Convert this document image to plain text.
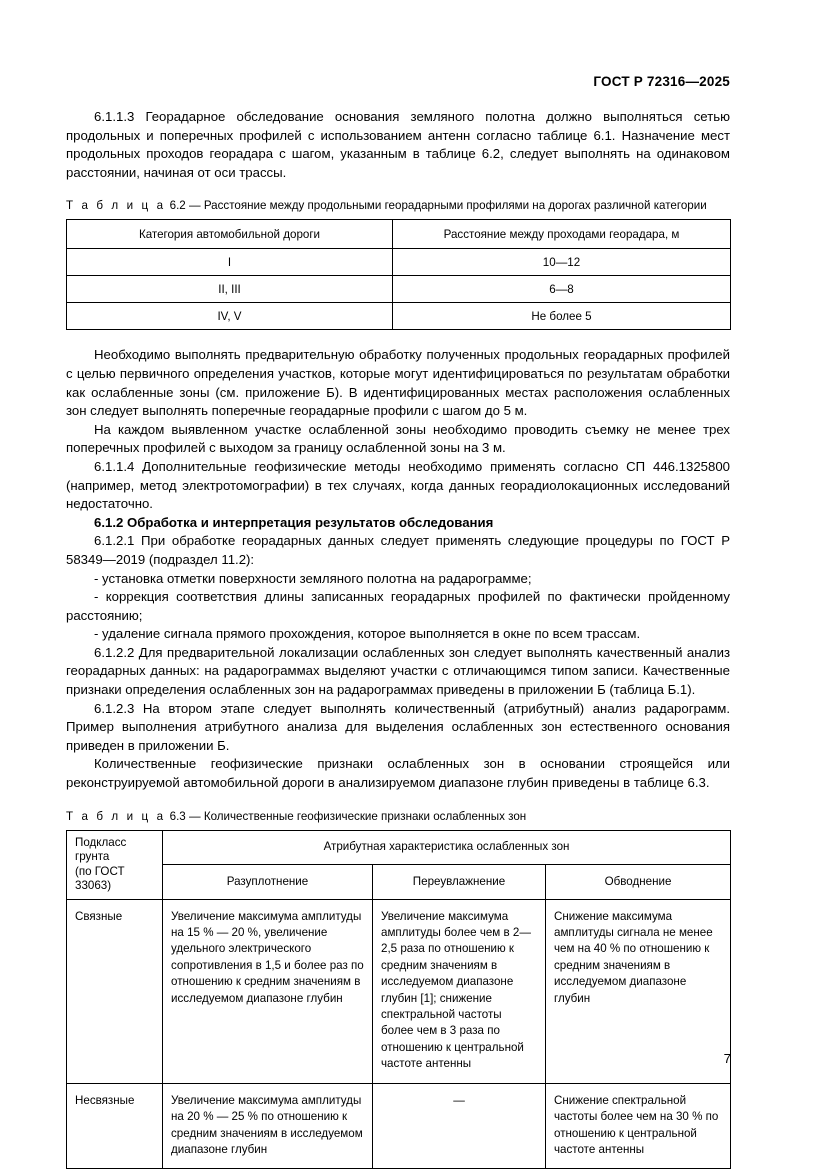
ГОСТ Р 72316—2025

6.1.1.3 Георадарное обследование основания земляного полотна должно выполняться сетью продольных и поперечных профилей с использованием антенн согласно таблице 6.1. Назначение мест продольных проходов георадара с шагом, указанным в таблице 6.2, следует выполнять на одинаковом расстоянии, начиная от оси трассы.

Т а б л и ц а 6.2 — Расстояние между продольными георадарными профилями на дорогах различной категории

Категория автомобильной дороги	Расстояние между проходами георадара, м
I	10—12
II, III	6—8
IV, V	Не более 5

Необходимо выполнять предварительную обработку полученных продольных георадарных профилей с целью первичного определения участков, которые могут идентифицироваться по результатам обработки как ослабленные зоны (см. приложение Б). В идентифицированных местах расположения ослабленных зон следует выполнять поперечные георадарные профили с шагом до 5 м.

На каждом выявленном участке ослабленной зоны необходимо проводить съемку не менее трех поперечных профилей с выходом за границу ослабленной зоны на 3 м.

6.1.1.4 Дополнительные геофизические методы необходимо применять согласно СП 446.1325800 (например, метод электротомографии) в тех случаях, когда данных георадиолокационных исследований недостаточно.

6.1.2 Обработка и интерпретация результатов обследования

6.1.2.1 При обработке георадарных данных следует применять следующие процедуры по ГОСТ Р 58349—2019 (подраздел 11.2):

- установка отметки поверхности земляного полотна на радарограмме;

- коррекция соответствия длины записанных георадарных профилей по фактически пройденному расстоянию;

- удаление сигнала прямого прохождения, которое выполняется в окне по всем трассам.

6.1.2.2 Для предварительной локализации ослабленных зон следует выполнять качественный анализ георадарных данных: на радарограммах выделяют участки с отличающимся типом записи. Качественные признаки определения ослабленных зон на радарограммах приведены в приложении Б (таблица Б.1).

6.1.2.3 На втором этапе следует выполнять количественный (атрибутный) анализ радарограмм. Пример выполнения атрибутного анализа для выделения ослабленных зон естественного основания приведен в приложении Б.

Количественные геофизические признаки ослабленных зон в основании строящейся или реконструируемой автомобильной дороги в анализируемом диапазоне глубин приведены в таблице 6.3.

Т а б л и ц а 6.3 — Количественные геофизические признаки ослабленных зон

Подкласс грунта
(по ГОСТ 33063)	Атрибутная характеристика ослабленных зон		
	Разуплотнение	Переувлажнение	Обводнение
Связные	Увеличение максимума амплитуды на 15 % — 20 %, увеличение удельного электрического сопротивления в 1,5 и более раз по отношению к средним значениям в исследуемом диапазоне глубин	Увеличение максимума амплитуды более чем в 2—2,5 раза по отношению к средним значениям в исследуемом диапазоне глубин [1]; снижение спектральной частоты более чем в 3 раза по отношению к центральной частоте антенны	Снижение максимума амплитуды сигнала не менее чем на 40 % по отношению к средним значениям в исследуемом диапазоне глубин
Несвязные	Увеличение максимума амплитуды на 20 % — 25 % по отношению к средним значениям в исследуемом диапазоне глубин	—	Снижение спектральной частоты более чем на 30 % по отношению к центральной частоте антенны
7
